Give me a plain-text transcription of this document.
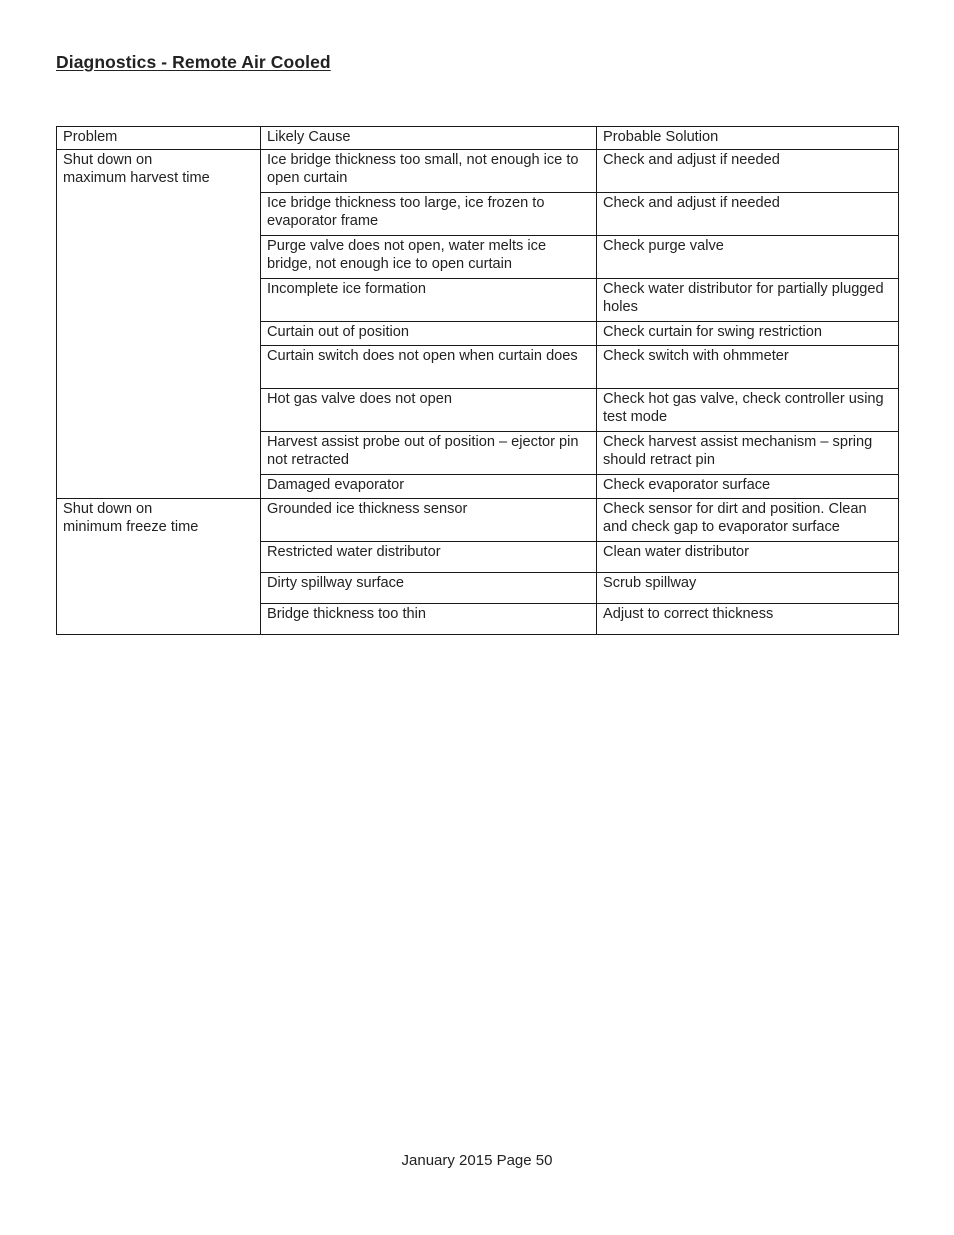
Diagnostics - Remote Air Cooled
Problem	Likely Cause	Probable Solution
Shut down on
maximum harvest time	Ice bridge thickness too small, not enough ice to open curtain	Check and adjust if needed
	Ice bridge thickness too large, ice frozen to evaporator frame	Check and adjust if needed
	Purge valve does not open, water melts ice bridge, not enough ice to open curtain	Check purge valve
	Incomplete ice formation	Check water distributor for partially plugged holes
	Curtain out of position	Check curtain for swing restriction
	Curtain switch does not open when curtain does	Check switch with ohmmeter
	Hot gas valve does not open	Check hot gas valve, check controller using test mode
	Harvest assist probe out of position – ejector pin not retracted	Check harvest assist mechanism – spring should retract pin
	Damaged evaporator	Check evaporator surface
Shut down on
minimum freeze time	Grounded ice thickness sensor	Check sensor for dirt and position. Clean and check gap to evaporator surface
	Restricted water distributor	Clean water distributor
	Dirty spillway surface	Scrub spillway
	Bridge thickness too thin	Adjust to correct thickness
January 2015 Page 50
